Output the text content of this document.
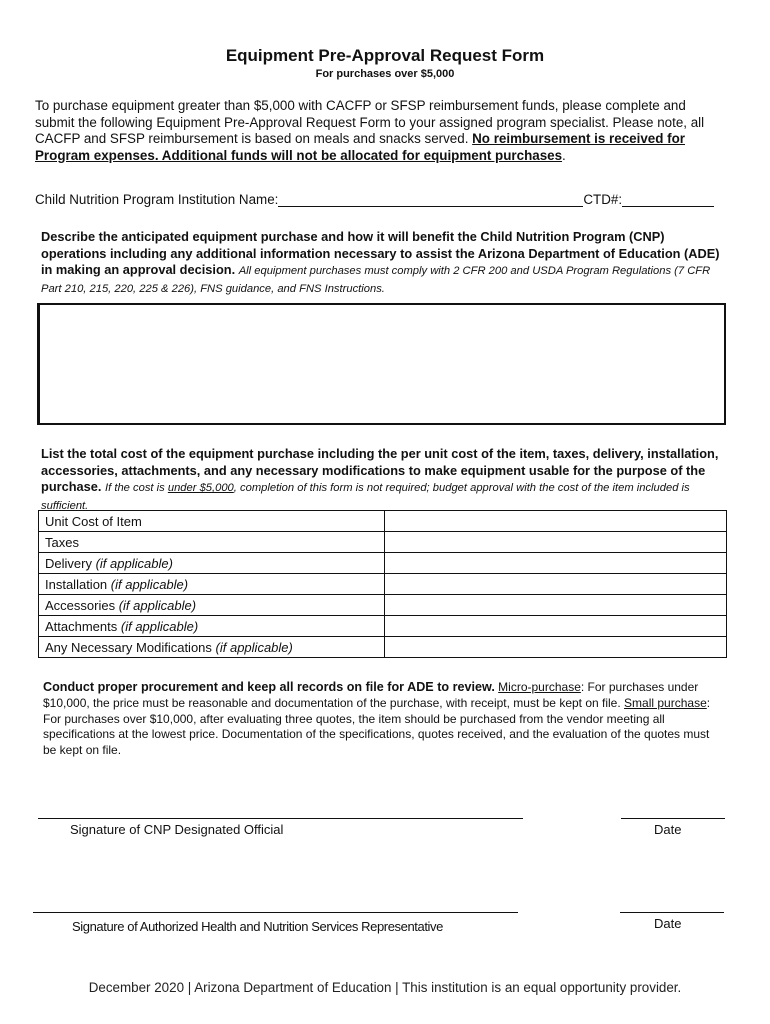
Equipment Pre-Approval Request Form
For purchases over $5,000
To purchase equipment greater than $5,000 with CACFP or SFSP reimbursement funds, please complete and submit the following Equipment Pre-Approval Request Form to your assigned program specialist. Please note, all CACFP and SFSP reimbursement is based on meals and snacks served. No reimbursement is received for Program expenses. Additional funds will not be allocated for equipment purchases.
Child Nutrition Program Institution Name:	CTD#:
Describe the anticipated equipment purchase and how it will benefit the Child Nutrition Program (CNP) operations including any additional information necessary to assist the Arizona Department of Education (ADE) in making an approval decision. All equipment purchases must comply with 2 CFR 200 and USDA Program Regulations (7 CFR Part 210, 215, 220, 225 & 226), FNS guidance, and FNS Instructions.
List the total cost of the equipment purchase including the per unit cost of the item, taxes, delivery, installation, accessories, attachments, and any necessary modifications to make equipment usable for the purpose of the purchase. If the cost is under $5,000, completion of this form is not required; budget approval with the cost of the item included is sufficient.
Unit Cost of Item	
Taxes	
Delivery (if applicable)	
Installation (if applicable)	
Accessories (if applicable)	
Attachments (if applicable)	
Any Necessary Modifications (if applicable)	
Conduct proper procurement and keep all records on file for ADE to review. Micro-purchase: For purchases under $10,000, the price must be reasonable and documentation of the purchase, with receipt, must be kept on file. Small purchase: For purchases over $10,000, after evaluating three quotes, the item should be purchased from the vendor meeting all specifications at the lowest price. Documentation of the specifications, quotes received, and the evaluation of the quotes must be kept on file.
Signature of CNP Designated Official	Date
Signature of Authorized Health and Nutrition Services Representative	Date
December 2020 | Arizona Department of Education | This institution is an equal opportunity provider.
